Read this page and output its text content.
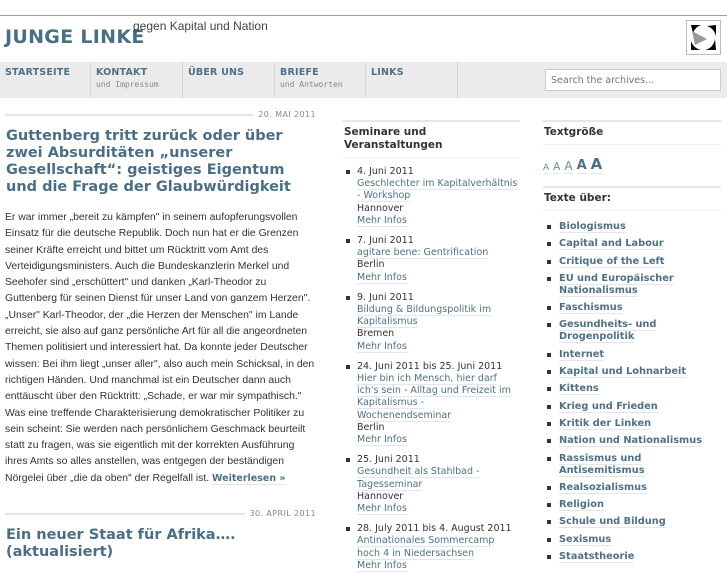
JUNGE LINKE
gegen Kapital und Nation
STARTSEITE	KONTAKT
und Impressum
ÜBER UNS	BRIEFE
und Antworten
LINKS
Search the archives...
20. MAI 2011
Guttenberg tritt zurück oder über zwei Absurditäten „unserer Gesellschaft“: geistiges Eigentum und die Frage der Glaubwürdigkeit

Er war immer „bereit zu kämpfen" in seinem aufopferungsvollen Einsatz für die deutsche Republik. Doch nun hat er die Grenzen seiner Kräfte erreicht und bittet um Rücktritt vom Amt des Verteidigungsministers. Auch die Bundeskanzlerin Merkel und Seehofer sind „erschüttert" und danken „Karl-Theodor zu Guttenberg für seinen Dienst für unser Land von ganzem Herzen". „Unser" Karl-Theodor, der „die Herzen der Menschen" im Lande erreicht, sie also auf ganz persönliche Art für all die angeordneten Themen politisiert und interessiert hat. Da konnte jeder Deutscher wissen: Bei ihm liegt „unser aller", also auch mein Schicksal, in den richtigen Händen. Und manchmal ist ein Deutscher dann auch enttäuscht über den Rücktritt: „Schade, er war mir sympathisch." Was eine treffende Charakterisierung demokratischer Politiker zu sein scheint: Sie werden nach persönlichem Geschmack beurteilt statt zu fragen, was sie eigentlich mit der korrekten Ausführung ihres Amts so alles anstellen, was entgegen der beständigen Nörgelei über „die da oben" der Regelfall ist. Weiterlesen »

30. APRIL 2011
Ein neuer Staat für Afrika…. (aktualisiert)
Seminare und Veranstaltungen
4. Juni 2011
Geschlechter im Kapitalverhältnis - Workshop
Hannover
Mehr Infos
7. Juni 2011
agitare bene: Gentrification
Berlin
Mehr Infos
9. Juni 2011
Bildung & Bildungspolitik im Kapitalismus
Bremen
Mehr Infos
24. Juni 2011 bis 25. Juni 2011
Hier bin ich Mensch, hier darf ich's sein - Alltag und Freizeit im Kapitalismus - Wochenendseminar
Berlin
Mehr Infos
25. Juni 2011
Gesundheit als Stahlbad - Tagesseminar
Hannover
Mehr Infos
28. July 2011 bis 4. August 2011
Antinationales Sommercamp hoch 4 in Niedersachsen
Mehr Infos
Textgröße
A A A A A
Texte über:
Biologismus
Capital and Labour
Critique of the Left
EU und Europäischer Nationalismus
Faschismus
Gesundheits- und Drogenpolitik
Internet
Kapital und Lohnarbeit
Kittens
Krieg und Frieden
Kritik der Linken
Nation und Nationalismus
Rassismus und Antisemitismus
Realsozialismus
Religion
Schule und Bildung
Sexismus
Staatstheorie
